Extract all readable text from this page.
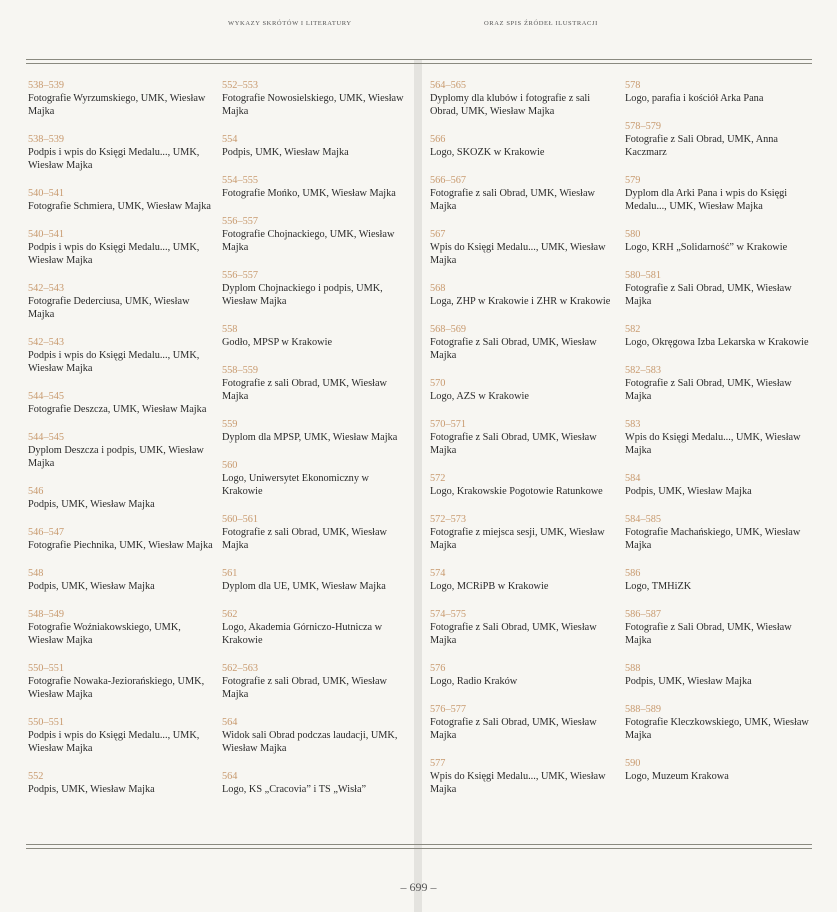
WYKAZY SKRÓTÓW I LITERATURY	ORAZ SPIS ŹRÓDEŁ ILUSTRACJI
538–539
Fotografie Wyrzumskiego, UMK, Wiesław Majka
538–539
Podpis i wpis do Księgi Medalu..., UMK, Wiesław Majka
540–541
Fotografie Schmiera, UMK, Wiesław Majka
540–541
Podpis i wpis do Księgi Medalu..., UMK, Wiesław Majka
542–543
Fotografie Dederciusa, UMK, Wiesław Majka
542–543
Podpis i wpis do Księgi Medalu..., UMK, Wiesław Majka
544–545
Fotografie Deszcza, UMK, Wiesław Majka
544–545
Dyplom Deszcza i podpis, UMK, Wiesław Majka
546
Podpis, UMK, Wiesław Majka
546–547
Fotografie Piechnika, UMK, Wiesław Majka
548
Podpis, UMK, Wiesław Majka
548–549
Fotografie Woźniakowskiego, UMK, Wiesław Majka
550–551
Fotografie Nowaka-Jeziorańskiego, UMK, Wiesław Majka
550–551
Podpis i wpis do Księgi Medalu..., UMK, Wiesław Majka
552
Podpis, UMK, Wiesław Majka
552–553
Fotografie Nowosielskiego, UMK, Wiesław Majka
554
Podpis, UMK, Wiesław Majka
554–555
Fotografie Mońko, UMK, Wiesław Majka
556–557
Fotografie Chojnackiego, UMK, Wiesław Majka
556–557
Dyplom Chojnackiego i podpis, UMK, Wiesław Majka
558
Godło, MPSP w Krakowie
558–559
Fotografie z sali Obrad, UMK, Wiesław Majka
559
Dyplom dla MPSP, UMK, Wiesław Majka
560
Logo, Uniwersytet Ekonomiczny w Krakowie
560–561
Fotografie z sali Obrad, UMK, Wiesław Majka
561
Dyplom dla UE, UMK, Wiesław Majka
562
Logo, Akademia Górniczo-Hutnicza w Krakowie
562–563
Fotografie z sali Obrad, UMK, Wiesław Majka
564
Widok sali Obrad podczas laudacji, UMK, Wiesław Majka
564
Logo, KS „Cracovia” i TS „Wisła”
564–565
Dyplomy dla klubów i fotografie z sali Obrad, UMK, Wiesław Majka
566
Logo, SKOZK w Krakowie
566–567
Fotografie z sali Obrad, UMK, Wiesław Majka
567
Wpis do Księgi Medalu..., UMK, Wiesław Majka
568
Loga, ZHP w Krakowie i ZHR w Krakowie
568–569
Fotografie z Sali Obrad, UMK, Wiesław Majka
570
Logo, AZS w Krakowie
570–571
Fotografie z Sali Obrad, UMK, Wiesław Majka
572
Logo, Krakowskie Pogotowie Ratunkowe
572–573
Fotografie z miejsca sesji, UMK, Wiesław Majka
574
Logo, MCRiPB w Krakowie
574–575
Fotografie z Sali Obrad, UMK, Wiesław Majka
576
Logo, Radio Kraków
576–577
Fotografie z Sali Obrad, UMK, Wiesław Majka
577
Wpis do Księgi Medalu..., UMK, Wiesław Majka
578
Logo, parafia i kościół Arka Pana
578–579
Fotografie z Sali Obrad, UMK, Anna Kaczmarz
579
Dyplom dla Arki Pana i wpis do Księgi Medalu..., UMK, Wiesław Majka
580
Logo, KRH „Solidarność” w Krakowie
580–581
Fotografie z Sali Obrad, UMK, Wiesław Majka
582
Logo, Okręgowa Izba Lekarska w Krakowie
582–583
Fotografie z Sali Obrad, UMK, Wiesław Majka
583
Wpis do Księgi Medalu..., UMK, Wiesław Majka
584
Podpis, UMK, Wiesław Majka
584–585
Fotografie Machańskiego, UMK, Wiesław Majka
586
Logo, TMHiZK
586–587
Fotografie z Sali Obrad, UMK, Wiesław Majka
588
Podpis, UMK, Wiesław Majka
588–589
Fotografie Kleczkowskiego, UMK, Wiesław Majka
590
Logo, Muzeum Krakowa
– 699 –
